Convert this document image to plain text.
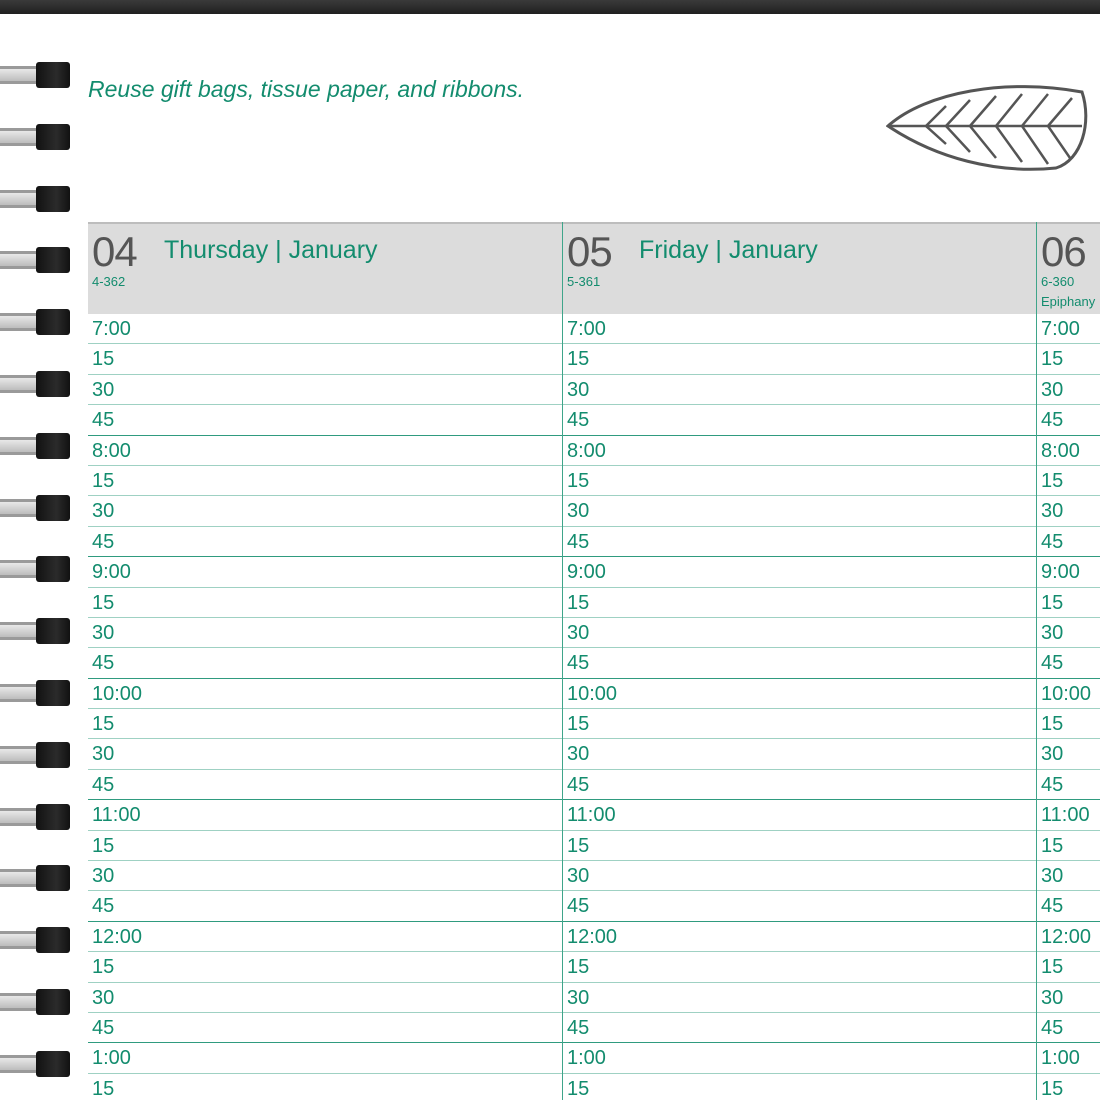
Reuse gift bags, tissue paper, and ribbons.

04 Thursday | January
4-362
7:00
15
30
45
8:00
15
30
45
9:00
15
30
45
10:00
15
30
45
11:00
15
30
45
12:00
15
30
45
1:00
15
05 Friday | January
5-361
7:00
15
30
45
8:00
15
30
45
9:00
15
30
45
10:00
15
30
45
11:00
15
30
45
12:00
15
30
45
1:00
15
06
6-360
Epiphany
7:00
15
30
45
8:00
15
30
45
9:00
15
30
45
10:00
15
30
45
11:00
15
30
45
12:00
15
30
45
1:00
15
